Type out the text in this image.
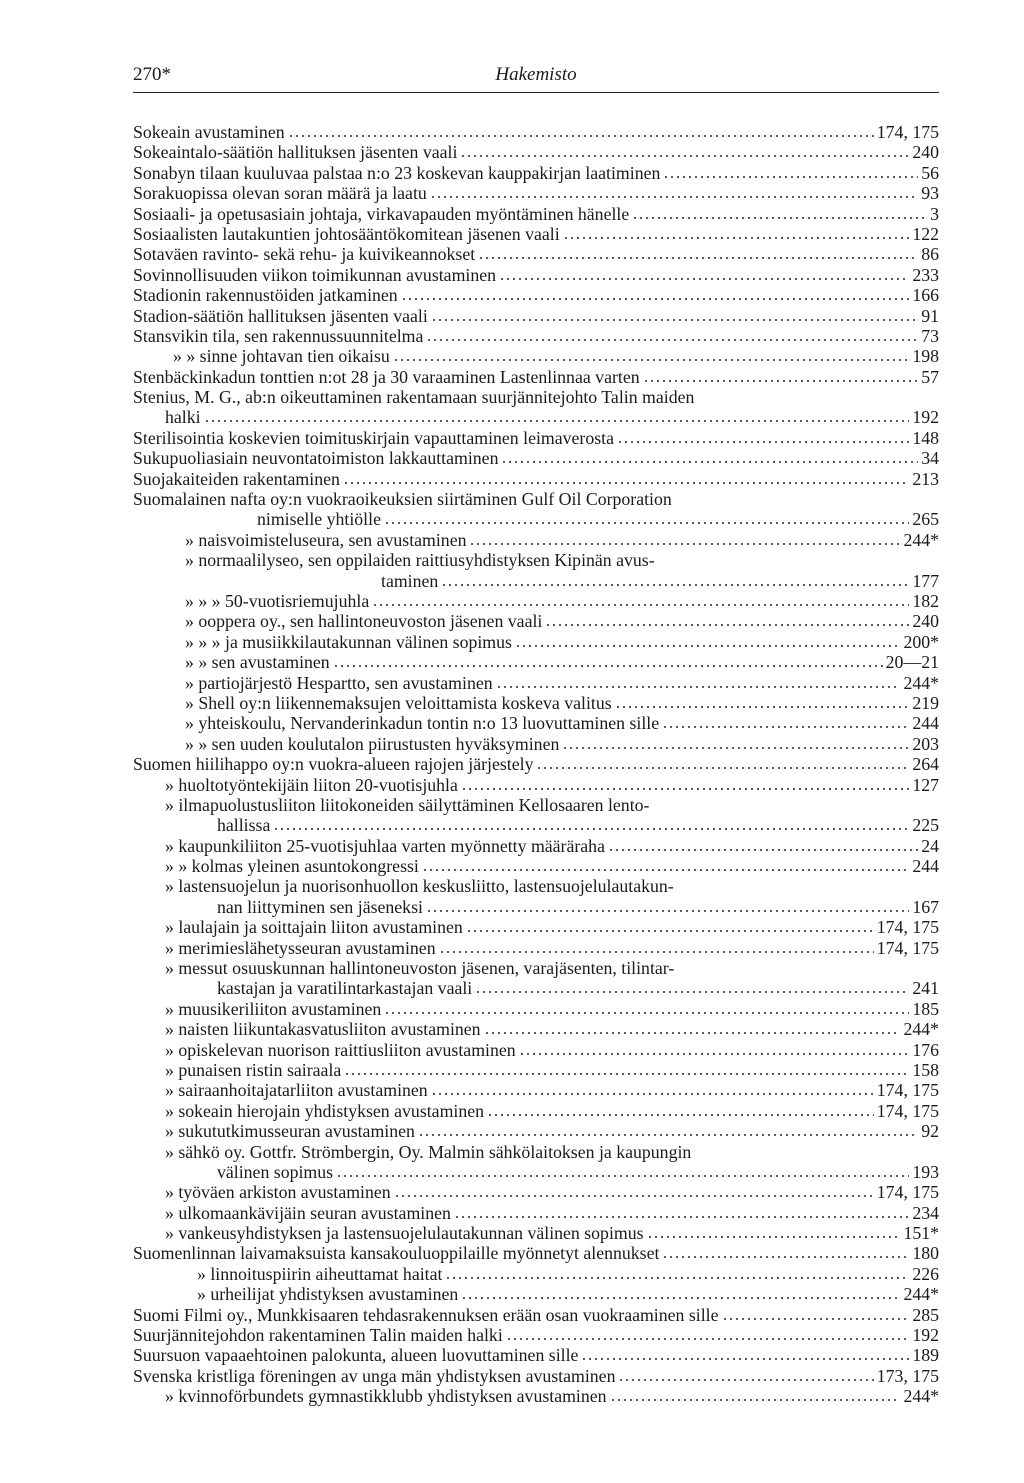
270*	Hakemisto
Sokeain avustaminen	174, 175
Sokeaintalo-säätiön hallituksen jäsenten vaali	240
Sonabyn tilaan kuuluvaa palstaa n:o 23 koskevan kauppakirjan laatiminen	56
Sorakuopissa olevan soran määrä ja laatu	93
Sosiaali- ja opetusasiain johtaja, virkavapauden myöntäminen hänelle	3
Sosiaalisten lautakuntien johtosääntökomitean jäsenen vaali	122
Sotaväen ravinto- sekä rehu- ja kuivikeannokset	86
Sovinnollisuuden viikon toimikunnan avustaminen	233
Stadionin rakennustöiden jatkaminen	166
Stadion-säätiön hallituksen jäsenten vaali	91
Stansvikin tila, sen rakennussuunnitelma	73
» » sinne johtavan tien oikaisu	198
Stenbäckinkadun tonttien n:ot 28 ja 30 varaaminen Lastenlinnaa varten	57
Stenius, M. G., ab:n oikeuttaminen rakentamaan suurjännitejohto Talin maiden
halki	192
Sterilisointia koskevien toimituskirjain vapauttaminen leimaverosta	148
Sukupuoliasiain neuvontatoimiston lakkauttaminen	34
Suojakaiteiden rakentaminen	213
Suomalainen nafta oy:n vuokraoikeuksien siirtäminen Gulf Oil Corporation
nimiselle yhtiölle	265
» naisvoimisteluseura, sen avustaminen	244*
» normaalilyseo, sen oppilaiden raittiusyhdistyksen Kipinän avus-
taminen	177
» » » 50-vuotisriemujuhla	182
» ooppera oy., sen hallintoneuvoston jäsenen vaali	240
» » » ja musiikkilautakunnan välinen sopimus	200*
» » sen avustaminen	20—21
» partiojärjestö Hespartto, sen avustaminen	244*
» Shell oy:n liikennemaksujen veloittamista koskeva valitus	219
» yhteiskoulu, Nervanderinkadun tontin n:o 13 luovuttaminen sille	244
» » sen uuden koulutalon piirustusten hyväksyminen	203
Suomen hiilihappo oy:n vuokra-alueen rajojen järjestely	264
» huoltotyöntekijäin liiton 20-vuotisjuhla	127
» ilmapuolustusliiton liitokoneiden säilyttäminen Kellosaaren lento-
hallissa	225
» kaupunkiliiton 25-vuotisjuhlaa varten myönnetty määräraha	24
» » kolmas yleinen asuntokongressi	244
» lastensuojelun ja nuorisonhuollon keskusliitto, lastensuojelulautakun-
nan liittyminen sen jäseneksi	167
» laulajain ja soittajain liiton avustaminen	174, 175
» merimieslähetysseuran avustaminen	174, 175
» messut osuuskunnan hallintoneuvoston jäsenen, varajäsenten, tilintar-
kastajan ja varatilintarkastajan vaali	241
» muusikeriliiton avustaminen	185
» naisten liikuntakasvatusliiton avustaminen	244*
» opiskelevan nuorison raittiusliiton avustaminen	176
» punaisen ristin sairaala	158
» sairaanhoitajatarliiton avustaminen	174, 175
» sokeain hierojain yhdistyksen avustaminen	174, 175
» sukututkimusseuran avustaminen	92
» sähkö oy. Gottfr. Strömbergin, Oy. Malmin sähkölaitoksen ja kaupungin
välinen sopimus	193
» työväen arkiston avustaminen	174, 175
» ulkomaankävijäin seuran avustaminen	234
» vankeusyhdistyksen ja lastensuojelulautakunnan välinen sopimus	151*
Suomenlinnan laivamaksuista kansakouluoppilaille myönnetyt alennukset	180
» linnoituspiirin aiheuttamat haitat	226
» urheilijat yhdistyksen avustaminen	244*
Suomi Filmi oy., Munkkisaaren tehdasrakennuksen erään osan vuokraaminen sille	285
Suurjännitejohdon rakentaminen Talin maiden halki	192
Suursuon vapaaehtoinen palokunta, alueen luovuttaminen sille	189
Svenska kristliga föreningen av unga män yhdistyksen avustaminen	173, 175
» kvinnoförbundets gymnastikklubb yhdistyksen avustaminen	244*
